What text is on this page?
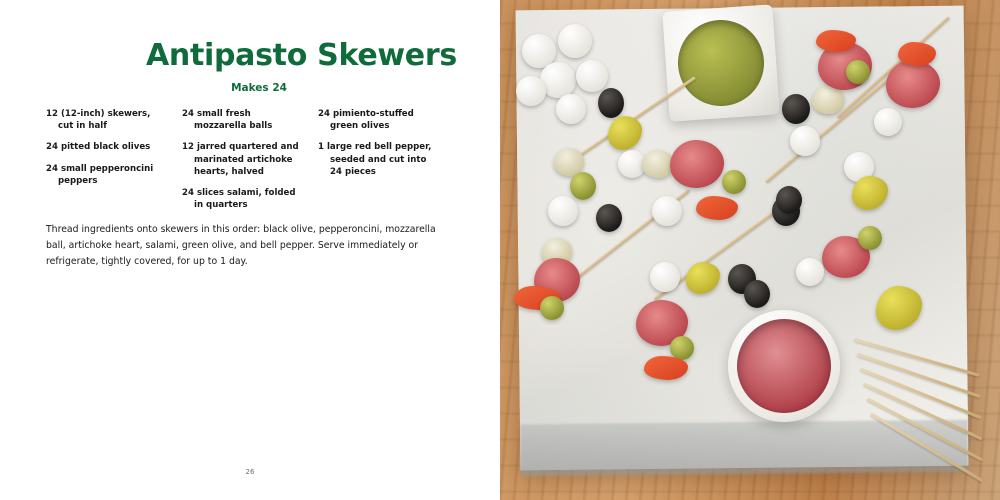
Antipasto Skewers
Makes 24
12 (12-inch) skewers, cut in half
24 pitted black olives
24 small pepperoncini peppers
24 small fresh mozzarella balls
12 jarred quartered and marinated artichoke hearts, halved
24 slices salami, folded in quarters
24 pimiento-stuffed green olives
1 large red bell pepper, seeded and cut into 24 pieces
Thread ingredients onto skewers in this order: black olive, pepperoncini, mozzarella ball, artichoke heart, salami, green olive, and bell pepper. Serve immediately or refrigerate, tightly covered, for up to 1 day.
26
